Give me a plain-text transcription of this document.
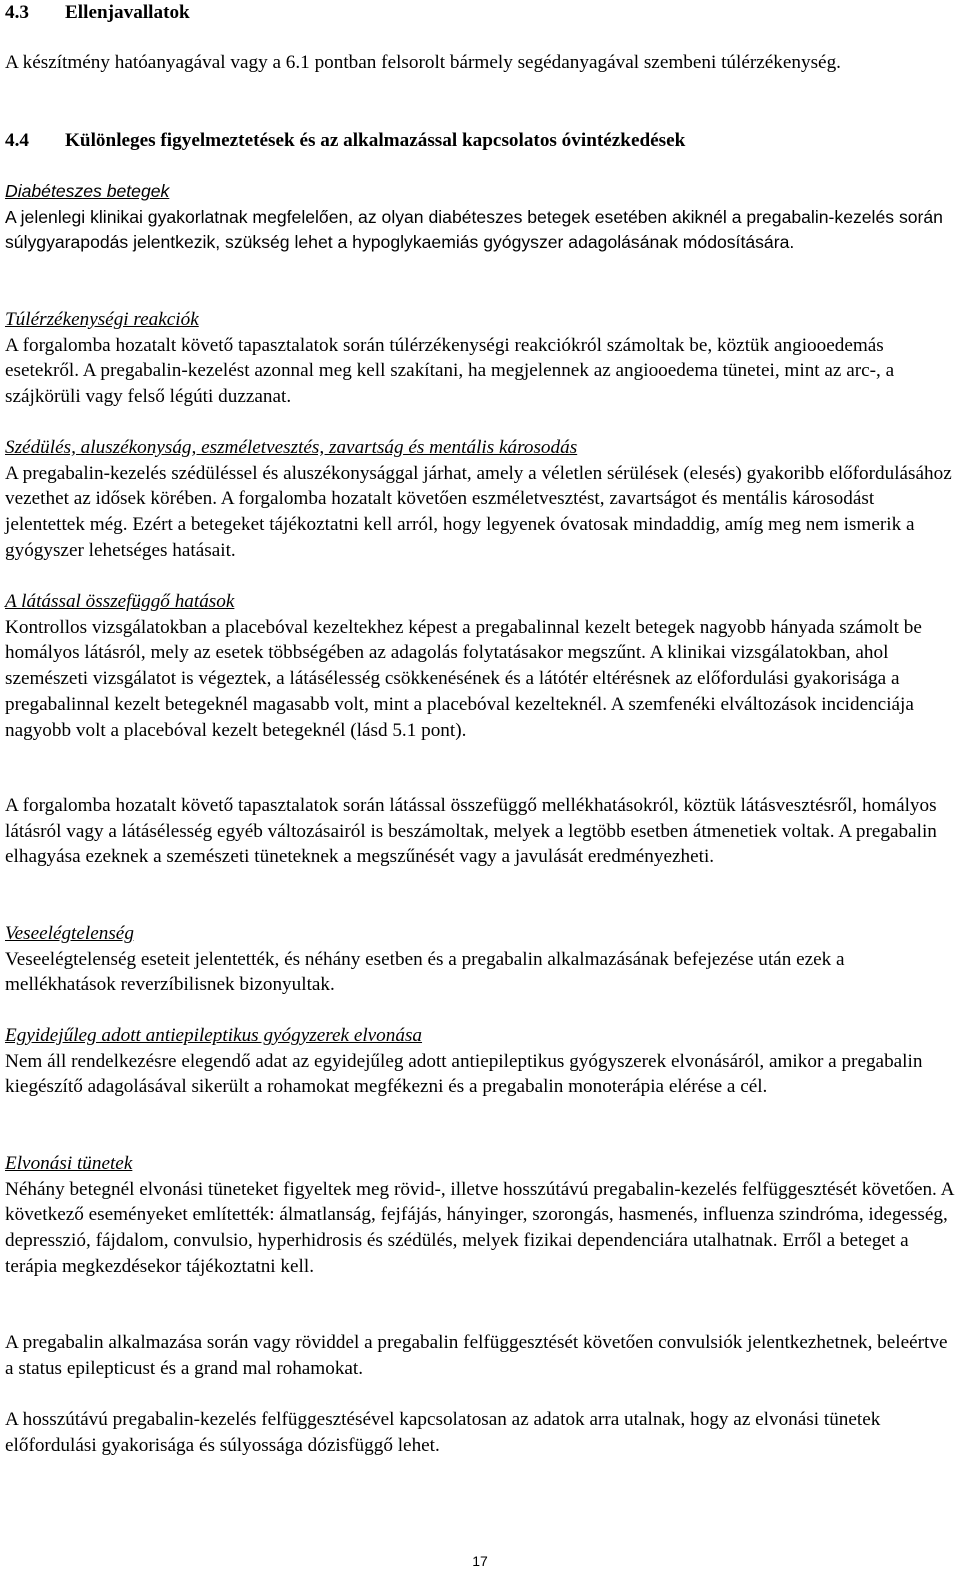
4.3 Ellenjavallatok

A készítmény hatóanyagával vagy a 6.1 pontban felsorolt bármely segédanyagával szembeni túlérzékenység.

4.4 Különleges figyelmeztetések és az alkalmazással kapcsolatos óvintézkedések

Diabéteszes betegek

A jelenlegi klinikai gyakorlatnak megfelelően, az olyan diabéteszes betegek esetében akiknél a pregabalin-kezelés során súlygyarapodás jelentkezik, szükség lehet a hypoglykaemiás gyógyszer adagolásának módosítására.

Túlérzékenységi reakciók

A forgalomba hozatalt követő tapasztalatok során túlérzékenységi reakciókról számoltak be, köztük angiooedemás esetekről. A pregabalin-kezelést azonnal meg kell szakítani, ha megjelennek az angiooedema tünetei, mint az arc-, a szájkörüli vagy felső légúti duzzanat.

Szédülés, aluszékonyság, eszméletvesztés, zavartság és mentális károsodás

A pregabalin-kezelés szédüléssel és aluszékonysággal járhat, amely a véletlen sérülések (elesés) gyakoribb előfordulásához vezethet az idősek körében. A forgalomba hozatalt követően eszméletvesztést, zavartságot és mentális károsodást jelentettek még. Ezért a betegeket tájékoztatni kell arról, hogy legyenek óvatosak mindaddig, amíg meg nem ismerik a gyógyszer lehetséges hatásait.

A látással összefüggő hatások

Kontrollos vizsgálatokban a placebóval kezeltekhez képest a pregabalinnal kezelt betegek nagyobb hányada számolt be homályos látásról, mely az esetek többségében az adagolás folytatásakor megszűnt. A klinikai vizsgálatokban, ahol szemészeti vizsgálatot is végeztek, a látásélesség csökkenésének és a látótér eltérésnek az előfordulási gyakorisága a pregabalinnal kezelt betegeknél magasabb volt, mint a placebóval kezelteknél. A szemfenéki elváltozások incidenciája nagyobb volt a placebóval kezelt betegeknél (lásd 5.1 pont).

A forgalomba hozatalt követő tapasztalatok során látással összefüggő mellékhatásokról, köztük látásvesztésről, homályos látásról vagy a látásélesség egyéb változásairól is beszámoltak, melyek a legtöbb esetben átmenetiek voltak. A pregabalin elhagyása ezeknek a szemészeti tüneteknek a megszűnését vagy a javulását eredményezheti.

Veseelégtelenség

Veseelégtelenség eseteit jelentették, és néhány esetben és a pregabalin alkalmazásának befejezése után ezek a mellékhatások reverzíbilisnek bizonyultak.

Egyidejűleg adott antiepileptikus gyógyzerek elvonása

Nem áll rendelkezésre elegendő adat az egyidejűleg adott antiepileptikus gyógyszerek elvonásáról, amikor a pregabalin kiegészítő adagolásával sikerült a rohamokat megfékezni és a pregabalin monoterápia elérése a cél.

Elvonási tünetek

Néhány betegnél elvonási tüneteket figyeltek meg rövid-, illetve hosszútávú pregabalin-kezelés felfüggesztését követően. A következő eseményeket említették: álmatlanság, fejfájás, hányinger, szorongás, hasmenés, influenza szindróma, idegesség, depresszió, fájdalom, convulsio, hyperhidrosis és szédülés, melyek fizikai dependenciára utalhatnak. Erről a beteget a terápia megkezdésekor tájékoztatni kell.

A pregabalin alkalmazása során vagy röviddel a pregabalin felfüggesztését követően convulsiók jelentkezhetnek, beleértve a status epilepticust és a grand mal rohamokat.

A hosszútávú pregabalin-kezelés felfüggesztésével kapcsolatosan az adatok arra utalnak, hogy az elvonási tünetek előfordulási gyakorisága és súlyossága dózisfüggő lehet.

17
